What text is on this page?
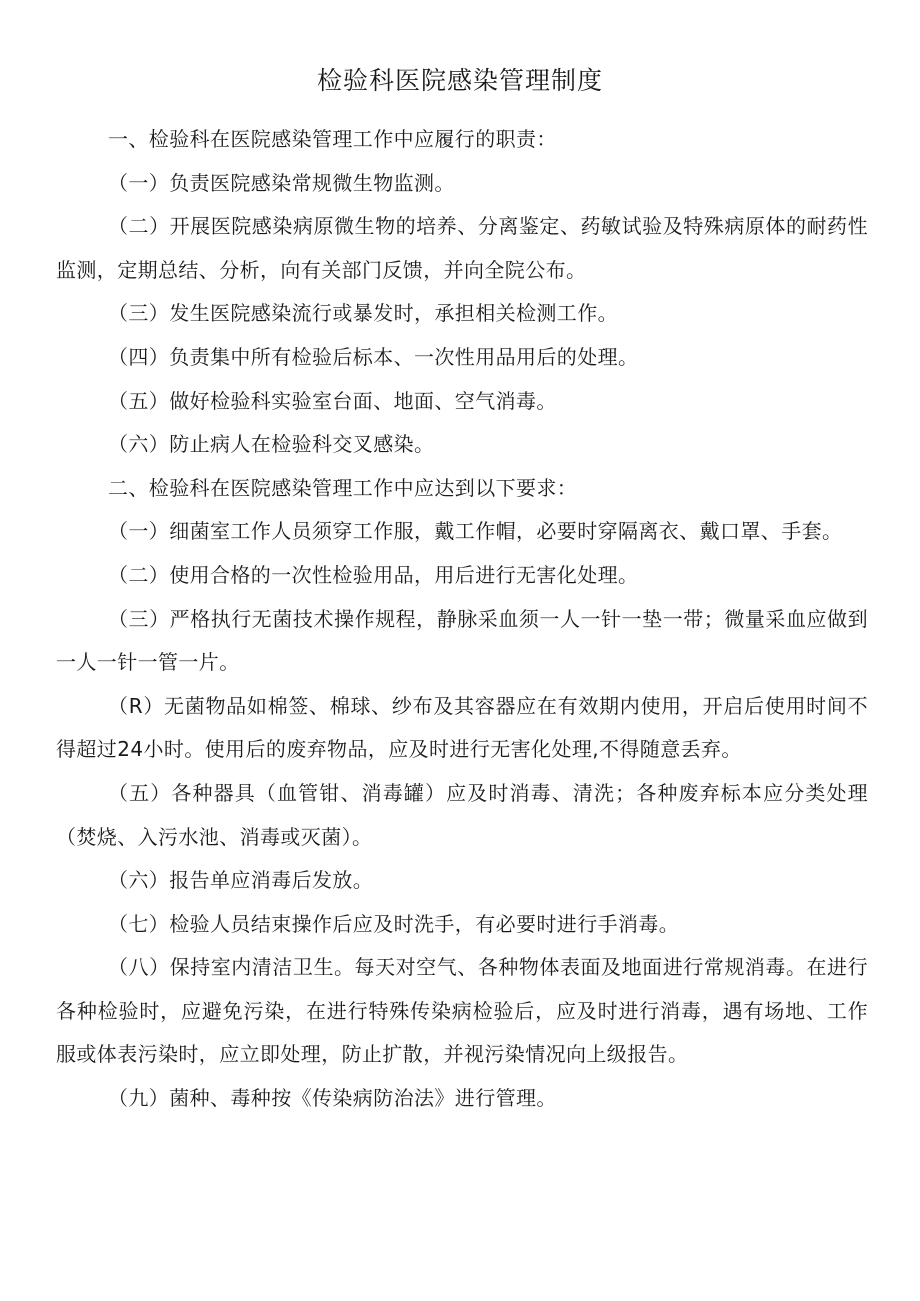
检验科医院感染管理制度

一、检验科在医院感染管理工作中应履行的职责：

（一）负责医院感染常规微生物监测。

（二）开展医院感染病原微生物的培养、分离鉴定、药敏试验及特殊病原体的耐药性监测，定期总结、分析，向有关部门反馈，并向全院公布。

（三）发生医院感染流行或暴发时，承担相关检测工作。

（四）负责集中所有检验后标本、一次性用品用后的处理。

（五）做好检验科实验室台面、地面、空气消毒。

（六）防止病人在检验科交叉感染。

二、检验科在医院感染管理工作中应达到以下要求：

（一）细菌室工作人员须穿工作服，戴工作帽，必要时穿隔离衣、戴口罩、手套。

（二）使用合格的一次性检验用品，用后进行无害化处理。

（三）严格执行无菌技术操作规程，静脉采血须一人一针一垫一带；微量采血应做到一人一针一管一片。

（R）无菌物品如棉签、棉球、纱布及其容器应在有效期内使用，开启后使用时间不得超过24小时。使用后的废弃物品，应及时进行无害化处理,不得随意丢弃。

（五）各种器具（血管钳、消毒罐）应及时消毒、清洗；各种废弃标本应分类处理（焚烧、入污水池、消毒或灭菌）。

（六）报告单应消毒后发放。

（七）检验人员结束操作后应及时洗手，有必要时进行手消毒。

（八）保持室内清洁卫生。每天对空气、各种物体表面及地面进行常规消毒。在进行各种检验时，应避免污染，在进行特殊传染病检验后，应及时进行消毒，遇有场地、工作服或体表污染时，应立即处理，防止扩散，并视污染情况向上级报告。

（九）菌种、毒种按《传染病防治法》进行管理。
